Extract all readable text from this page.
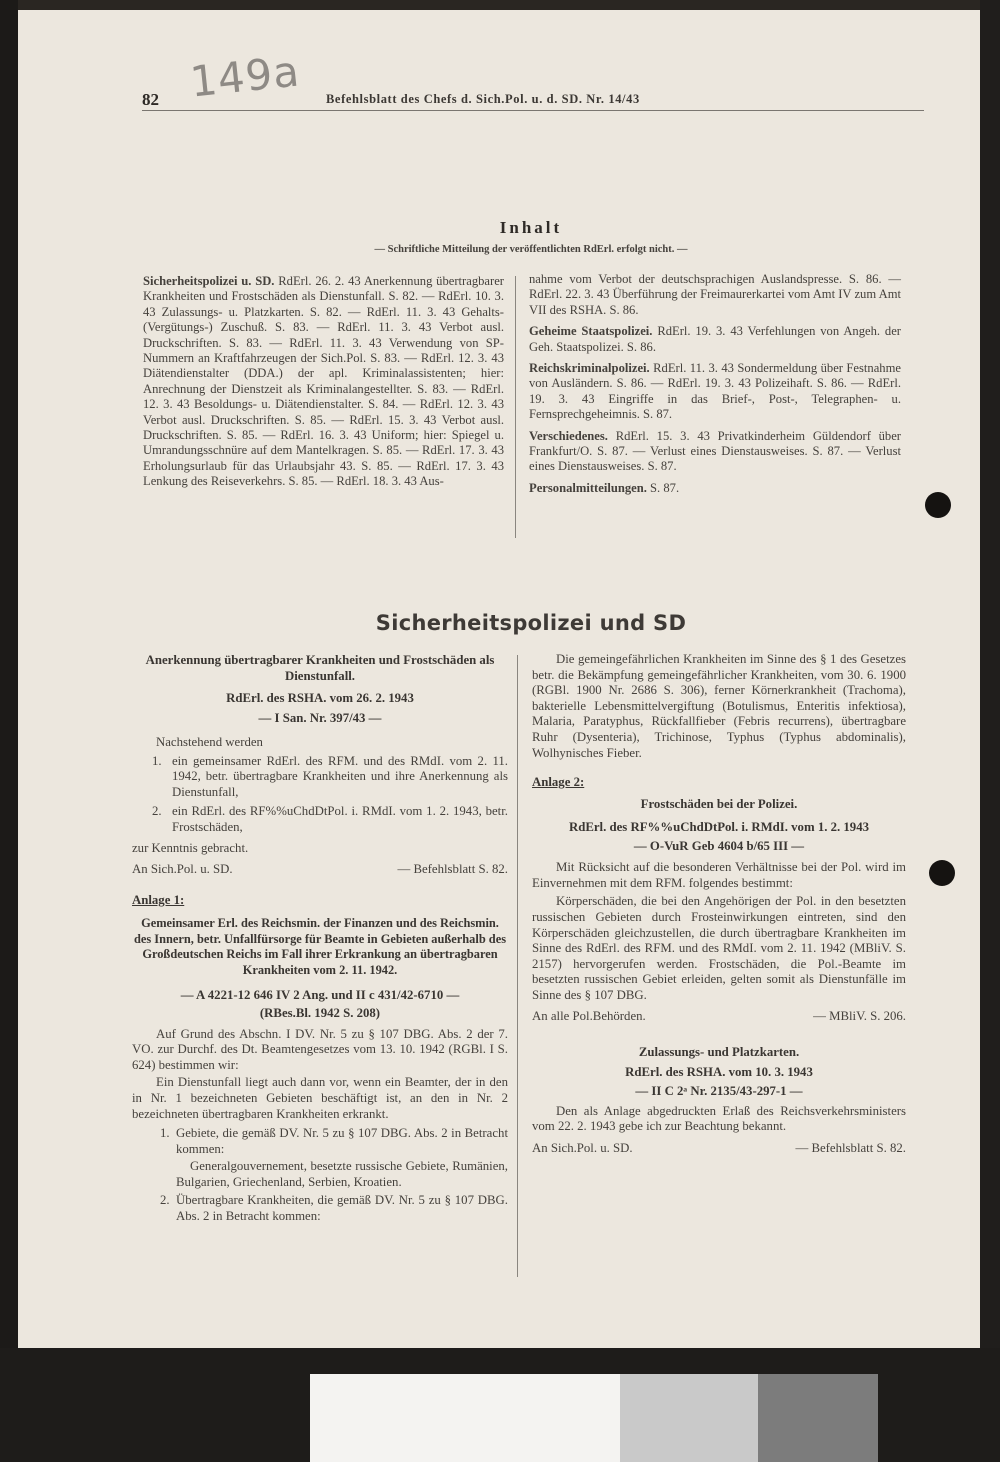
82 149a Befehlsblatt des Chefs d. Sich.Pol. u. d. SD. Nr. 14/43
Inhalt
— Schriftliche Mitteilung der veröffentlichten RdErl. erfolgt nicht. —

Sicherheitspolizei u. SD. RdErl. 26. 2. 43 Anerkennung übertragbarer Krankheiten und Frostschäden als Dienstunfall. S. 82. — RdErl. 10. 3. 43 Zulassungs- u. Platzkarten. S. 82. — RdErl. 11. 3. 43 Gehalts- (Vergütungs-) Zuschuß. S. 83. — RdErl. 11. 3. 43 Verbot ausl. Druckschriften. S. 83. — RdErl. 11. 3. 43 Verwendung von SP-Nummern an Kraftfahrzeugen der Sich.Pol. S. 83. — RdErl. 12. 3. 43 Diätendienstalter (DDA.) der apl. Kriminalassistenten; hier: Anrechnung der Dienstzeit als Kriminalangestellter. S. 83. — RdErl. 12. 3. 43 Besoldungs- u. Diätendienstalter. S. 84. — RdErl. 12. 3. 43 Verbot ausl. Druckschriften. S. 85. — RdErl. 15. 3. 43 Verbot ausl. Druckschriften. S. 85. — RdErl. 16. 3. 43 Uniform; hier: Spiegel u. Umrandungsschnüre auf dem Mantelkragen. S. 85. — RdErl. 17. 3. 43 Erholungsurlaub für das Urlaubsjahr 43. S. 85. — RdErl. 17. 3. 43 Lenkung des Reiseverkehrs. S. 85. — RdErl. 18. 3. 43 Aus-

nahme vom Verbot der deutschsprachigen Auslandspresse. S. 86. — RdErl. 22. 3. 43 Überführung der Freimaurerkartei vom Amt IV zum Amt VII des RSHA. S. 86.

Geheime Staatspolizei. RdErl. 19. 3. 43 Verfehlungen von Angeh. der Geh. Staatspolizei. S. 86.

Reichskriminalpolizei. RdErl. 11. 3. 43 Sondermeldung über Festnahme von Ausländern. S. 86. — RdErl. 19. 3. 43 Polizeihaft. S. 86. — RdErl. 19. 3. 43 Eingriffe in das Brief-, Post-, Telegraphen- u. Fernsprechgeheimnis. S. 87.

Verschiedenes. RdErl. 15. 3. 43 Privatkinderheim Güldendorf über Frankfurt/O. S. 87. — Verlust eines Dienstausweises. S. 87. — Verlust eines Dienstausweises. S. 87.

Personalmitteilungen. S. 87.

Sicherheitspolizei und SD
Anerkennung übertragbarer Krankheiten und Frostschäden als Dienstunfall.
RdErl. des RSHA. vom 26. 2. 1943
— I San. Nr. 397/43 —
Nachstehend werden
1. ein gemeinsamer RdErl. des RFM. und des RMdI. vom 2. 11. 1942, betr. übertragbare Krankheiten und ihre Anerkennung als Dienstunfall,
2. ein RdErl. des RF%%uChdDtPol. i. RMdI. vom 1. 2. 1943, betr. Frostschäden,
zur Kenntnis gebracht.
An Sich.Pol. u. SD.	— Befehlsblatt S. 82.
Anlage 1:
Gemeinsamer Erl. des Reichsmin. der Finanzen und des Reichsmin. des Innern, betr. Unfallfürsorge für Beamte in Gebieten außerhalb des Großdeutschen Reichs im Fall ihrer Erkrankung an übertragbaren Krankheiten vom 2. 11. 1942.
— A 4221-12 646 IV 2 Ang. und II c 431/42-6710 —
(RBes.Bl. 1942 S. 208)
Auf Grund des Abschn. I DV. Nr. 5 zu § 107 DBG. Abs. 2 der 7. VO. zur Durchf. des Dt. Beamtengesetzes vom 13. 10. 1942 (RGBl. I S. 624) bestimmen wir:
Ein Dienstunfall liegt auch dann vor, wenn ein Beamter, der in den in Nr. 1 bezeichneten Gebieten beschäftigt ist, an den in Nr. 2 bezeichneten übertragbaren Krankheiten erkrankt.
1. Gebiete, die gemäß DV. Nr. 5 zu § 107 DBG. Abs. 2 in Betracht kommen:
Generalgouvernement, besetzte russische Gebiete, Rumänien, Bulgarien, Griechenland, Serbien, Kroatien.
2. Übertragbare Krankheiten, die gemäß DV. Nr. 5 zu § 107 DBG. Abs. 2 in Betracht kommen:
Die gemeingefährlichen Krankheiten im Sinne des § 1 des Gesetzes betr. die Bekämpfung gemeingefährlicher Krankheiten, vom 30. 6. 1900 (RGBl. 1900 Nr. 2686 S. 306), ferner Körnerkrankheit (Trachoma), bakterielle Lebensmittelvergiftung (Botulismus, Enteritis infektiosa), Malaria, Paratyphus, Rückfallfieber (Febris recurrens), übertragbare Ruhr (Dysenteria), Trichinose, Typhus (Typhus abdominalis), Wolhynisches Fieber.
Anlage 2:
Frostschäden bei der Polizei.
RdErl. des RF%%uChdDtPol. i. RMdI. vom 1. 2. 1943
— O-VuR Geb 4604 b/65 III —
Mit Rücksicht auf die besonderen Verhältnisse bei der Pol. wird im Einvernehmen mit dem RFM. folgendes bestimmt:
Körperschäden, die bei den Angehörigen der Pol. in den besetzten russischen Gebieten durch Frosteinwirkungen eintreten, sind den Körperschäden gleichzustellen, die durch übertragbare Krankheiten im Sinne des RdErl. des RFM. und des RMdI. vom 2. 11. 1942 (MBliV. S. 2157) hervorgerufen werden. Frostschäden, die Pol.-Beamte im besetzten russischen Gebiet erleiden, gelten somit als Dienstunfälle im Sinne des § 107 DBG.
An alle Pol.Behörden.	— MBliV. S. 206.
Zulassungs- und Platzkarten.
RdErl. des RSHA. vom 10. 3. 1943
— II C 2ᵃ Nr. 2135/43-297-1 —
Den als Anlage abgedruckten Erlaß des Reichsverkehrsministers vom 22. 2. 1943 gebe ich zur Beachtung bekannt.
An Sich.Pol. u. SD.	— Befehlsblatt S. 82.
